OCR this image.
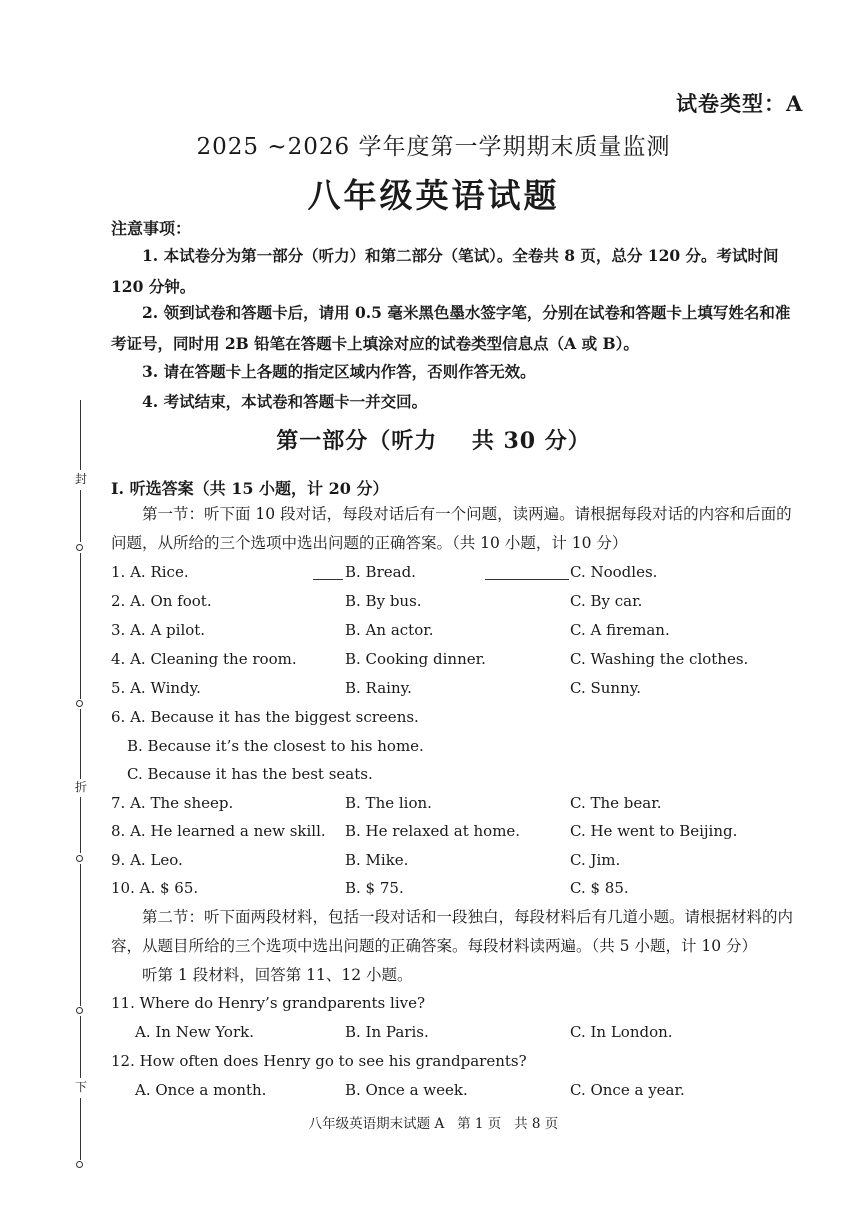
封
折
下
试卷类型：A
2025 ~2026 学年度第一学期期末质量监测
八年级英语试题
注意事项：
1. 本试卷分为第一部分（听力）和第二部分（笔试）。全卷共 8 页，总分 120 分。考试时间 120 分钟。
2. 领到试卷和答题卡后，请用 0.5 毫米黑色墨水签字笔，分别在试卷和答题卡上填写姓名和准考证号，同时用 2B 铅笔在答题卡上填涂对应的试卷类型信息点（A 或 B）。
3. 请在答题卡上各题的指定区域内作答，否则作答无效。
4. 考试结束，本试卷和答题卡一并交回。
第一部分（听力    共 30 分）
Ⅰ. 听选答案（共 15 小题，计 20 分）
第一节：听下面 10 段对话，每段对话后有一个问题，读两遍。请根据每段对话的内容和后面的问题，从所给的三个选项中选出问题的正确答案。（共 10 小题，计 10 分）
1. A. Rice.	B. Bread.	C. Noodles.
2. A. On foot.	B. By bus.	C. By car.
3. A. A pilot.	B. An actor.	C. A fireman.
4. A. Cleaning the room.	B. Cooking dinner.	C. Washing the clothes.
5. A. Windy.	B. Rainy.	C. Sunny.
6. A. Because it has the biggest screens.
B. Because it’s the closest to his home.
C. Because it has the best seats.
7. A. The sheep.	B. The lion.	C. The bear.
8. A. He learned a new skill. B. He relaxed at home.	C. He went to Beijing.
9. A. Leo.	B. Mike.	C. Jim.
10. A. $ 65.	B. $ 75.	C. $ 85.
第二节：听下面两段材料，包括一段对话和一段独白，每段材料后有几道小题。请根据材料的内容，从题目所给的三个选项中选出问题的正确答案。每段材料读两遍。（共 5 小题，计 10 分）
听第 1 段材料，回答第 11、12 小题。
11. Where do Henry’s grandparents live?
A. In New York.	B. In Paris.	C. In London.
12. How often does Henry go to see his grandparents?
A. Once a month.	B. Once a week.	C. Once a year.
八年级英语期末试题 A   第 1 页   共 8 页
